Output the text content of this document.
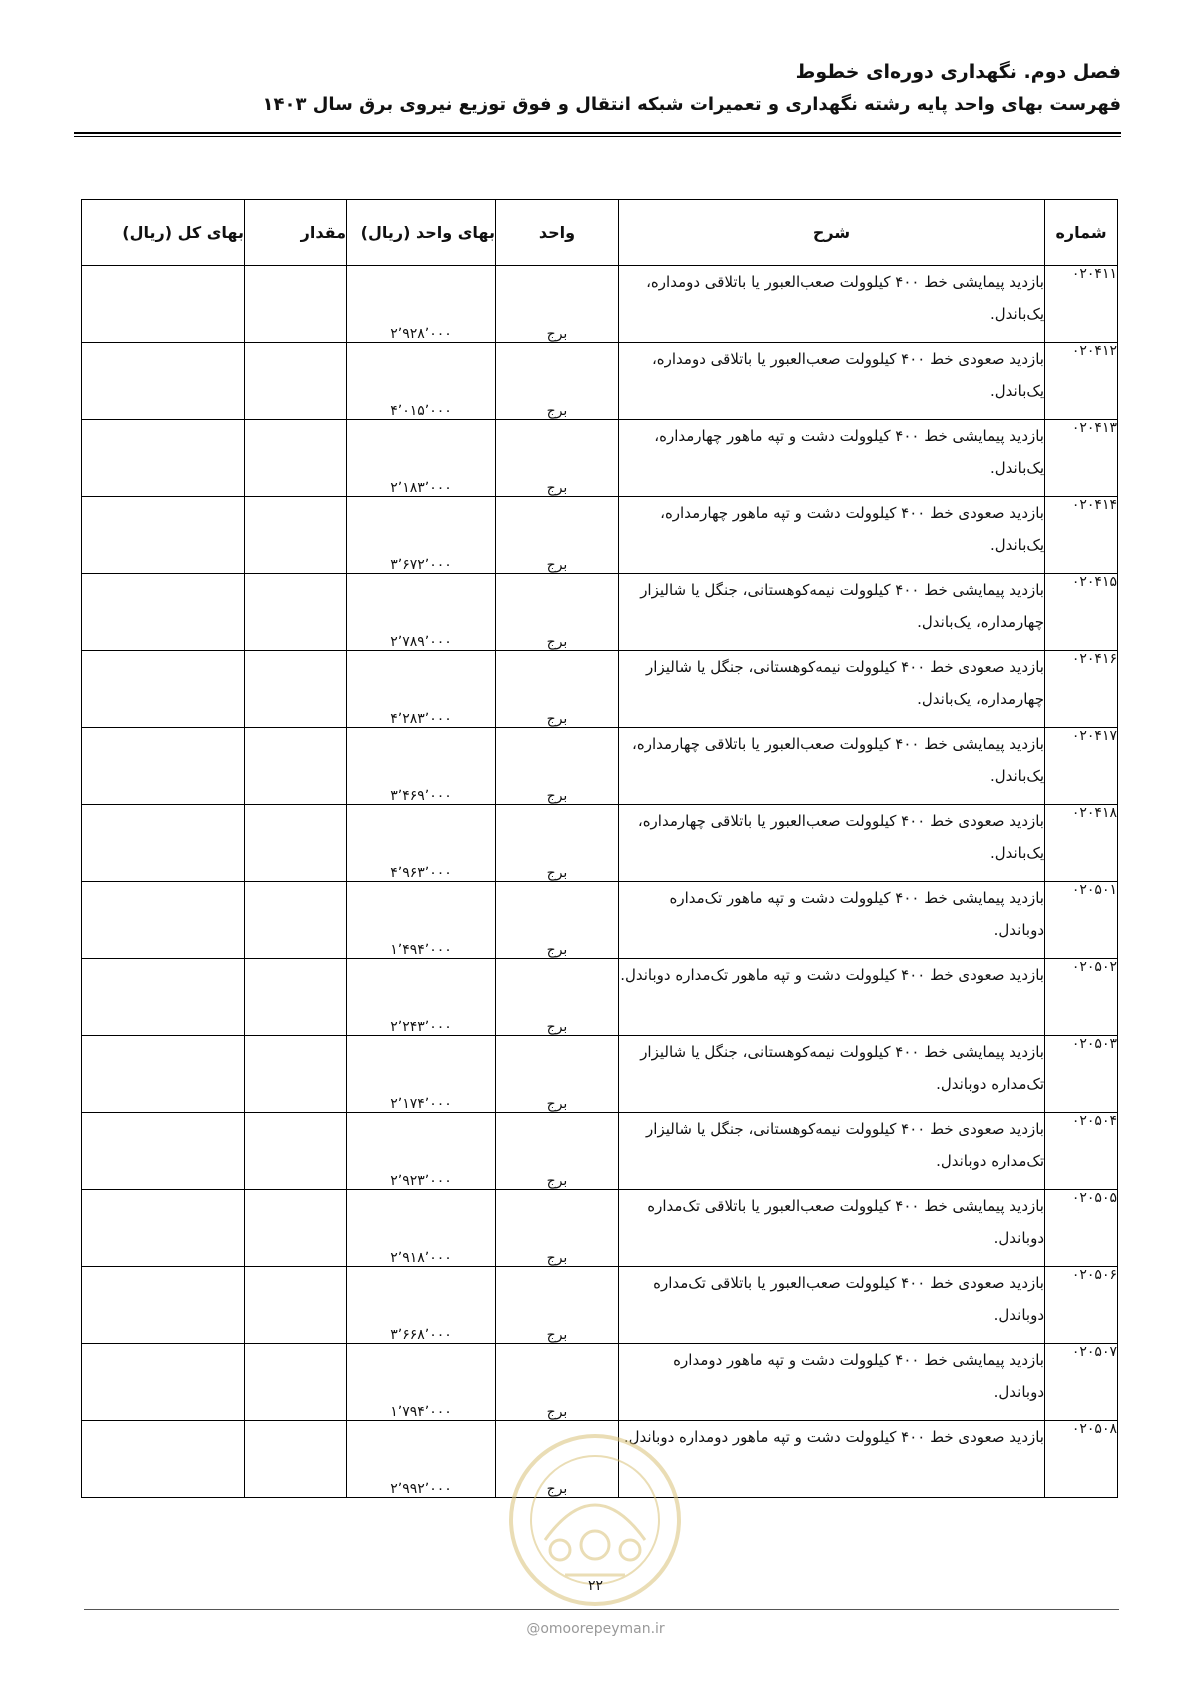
فصل دوم. نگهداری دوره‌ای خطوط
فهرست بهای واحد پایه رشته نگهداری و تعمیرات شبکه انتقال و فوق توزیع نیروی برق سال ۱۴۰۳
شماره	شرح	واحد	بهای واحد (ریال)	مقدار	بهای کل (ریال)
۰۲۰۴۱۱	بازدید پیمایشی خط ۴۰۰ کیلوولت صعب‌العبور یا باتلاقی دومداره، یک‌باندل.	برج	۲٬۹۲۸٬۰۰۰		
۰۲۰۴۱۲	بازدید صعودی خط ۴۰۰ کیلوولت صعب‌العبور یا باتلاقی دومداره، یک‌باندل.	برج	۴٬۰۱۵٬۰۰۰		
۰۲۰۴۱۳	بازدید پیمایشی خط ۴۰۰ کیلوولت دشت و تپه ماهور چهارمداره، یک‌باندل.	برج	۲٬۱۸۳٬۰۰۰		
۰۲۰۴۱۴	بازدید صعودی خط ۴۰۰ کیلوولت دشت و تپه ماهور چهارمداره، یک‌باندل.	برج	۳٬۶۷۲٬۰۰۰		
۰۲۰۴۱۵	بازدید پیمایشی خط ۴۰۰ کیلوولت نیمه‌کوهستانی، جنگل یا شالیزار چهارمداره، یک‌باندل.	برج	۲٬۷۸۹٬۰۰۰		
۰۲۰۴۱۶	بازدید صعودی خط ۴۰۰ کیلوولت نیمه‌کوهستانی، جنگل یا شالیزار چهارمداره، یک‌باندل.	برج	۴٬۲۸۳٬۰۰۰		
۰۲۰۴۱۷	بازدید پیمایشی خط ۴۰۰ کیلوولت صعب‌العبور یا باتلاقی چهارمداره، یک‌باندل.	برج	۳٬۴۶۹٬۰۰۰		
۰۲۰۴۱۸	بازدید صعودی خط ۴۰۰ کیلوولت صعب‌العبور یا باتلاقی چهارمداره، یک‌باندل.	برج	۴٬۹۶۳٬۰۰۰		
۰۲۰۵۰۱	بازدید پیمایشی خط ۴۰۰ کیلوولت دشت و تپه ماهور تک‌مداره دوباندل.	برج	۱٬۴۹۴٬۰۰۰		
۰۲۰۵۰۲	بازدید صعودی خط ۴۰۰ کیلوولت دشت و تپه ماهور تک‌مداره دوباندل.	برج	۲٬۲۴۳٬۰۰۰		
۰۲۰۵۰۳	بازدید پیمایشی خط ۴۰۰ کیلوولت نیمه‌کوهستانی، جنگل یا شالیزار تک‌مداره دوباندل.	برج	۲٬۱۷۴٬۰۰۰		
۰۲۰۵۰۴	بازدید صعودی خط ۴۰۰ کیلوولت نیمه‌کوهستانی، جنگل یا شالیزار تک‌مداره دوباندل.	برج	۲٬۹۲۳٬۰۰۰		
۰۲۰۵۰۵	بازدید پیمایشی خط ۴۰۰ کیلوولت صعب‌العبور یا باتلاقی تک‌مداره دوباندل.	برج	۲٬۹۱۸٬۰۰۰		
۰۲۰۵۰۶	بازدید صعودی خط ۴۰۰ کیلوولت صعب‌العبور یا باتلاقی تک‌مداره دوباندل.	برج	۳٬۶۶۸٬۰۰۰		
۰۲۰۵۰۷	بازدید پیمایشی خط ۴۰۰ کیلوولت دشت و تپه ماهور دومداره دوباندل.	برج	۱٬۷۹۴٬۰۰۰		
۰۲۰۵۰۸	بازدید صعودی خط ۴۰۰ کیلوولت دشت و تپه ماهور دومداره دوباندل.	برج	۲٬۹۹۲٬۰۰۰		
۲۲
@omoorepeyman.ir
